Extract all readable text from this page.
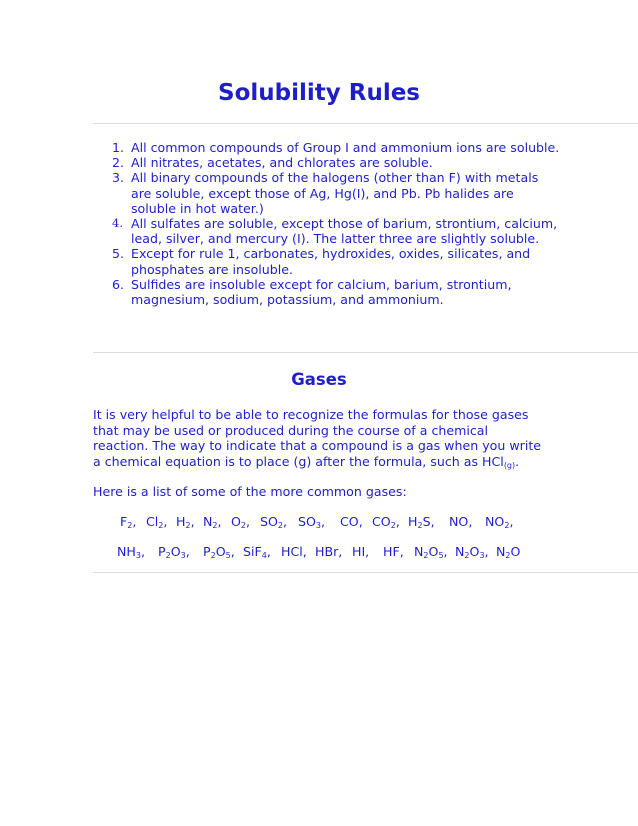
Solubility Rules
1. All common compounds of Group I and ammonium ions are soluble.
2. All nitrates, acetates, and chlorates are soluble.
3. All binary compounds of the halogens (other than F) with metals are soluble, except those of Ag, Hg(I), and Pb. Pb halides are soluble in hot water.)
4. All sulfates are soluble, except those of barium, strontium, calcium, lead, silver, and mercury (I). The latter three are slightly soluble.
5. Except for rule 1, carbonates, hydroxides, oxides, silicates, and phosphates are insoluble.
6. Sulfides are insoluble except for calcium, barium, strontium, magnesium, sodium, potassium, and ammonium.
Gases

It is very helpful to be able to recognize the formulas for those gases that may be used or produced during the course of a chemical reaction. The way to indicate that a compound is a gas when you write a chemical equation is to place (g) after the formula, such as HCl$_{(g)}$.

Here is a list of some of the more common gases:

$F_2$, $Cl_2$, $H_2$, $N_2$, $O_2$, $SO_2$, $SO_3$, CO, $CO_2$, $H_2S$, NO, $NO_2$,
$NH_3$, $P_2O_3$, $P_2O_5$, SiF$_4$, HCl, HBr, HI, HF, $N_2O_5$, $N_2O_3$, $N_2O$
